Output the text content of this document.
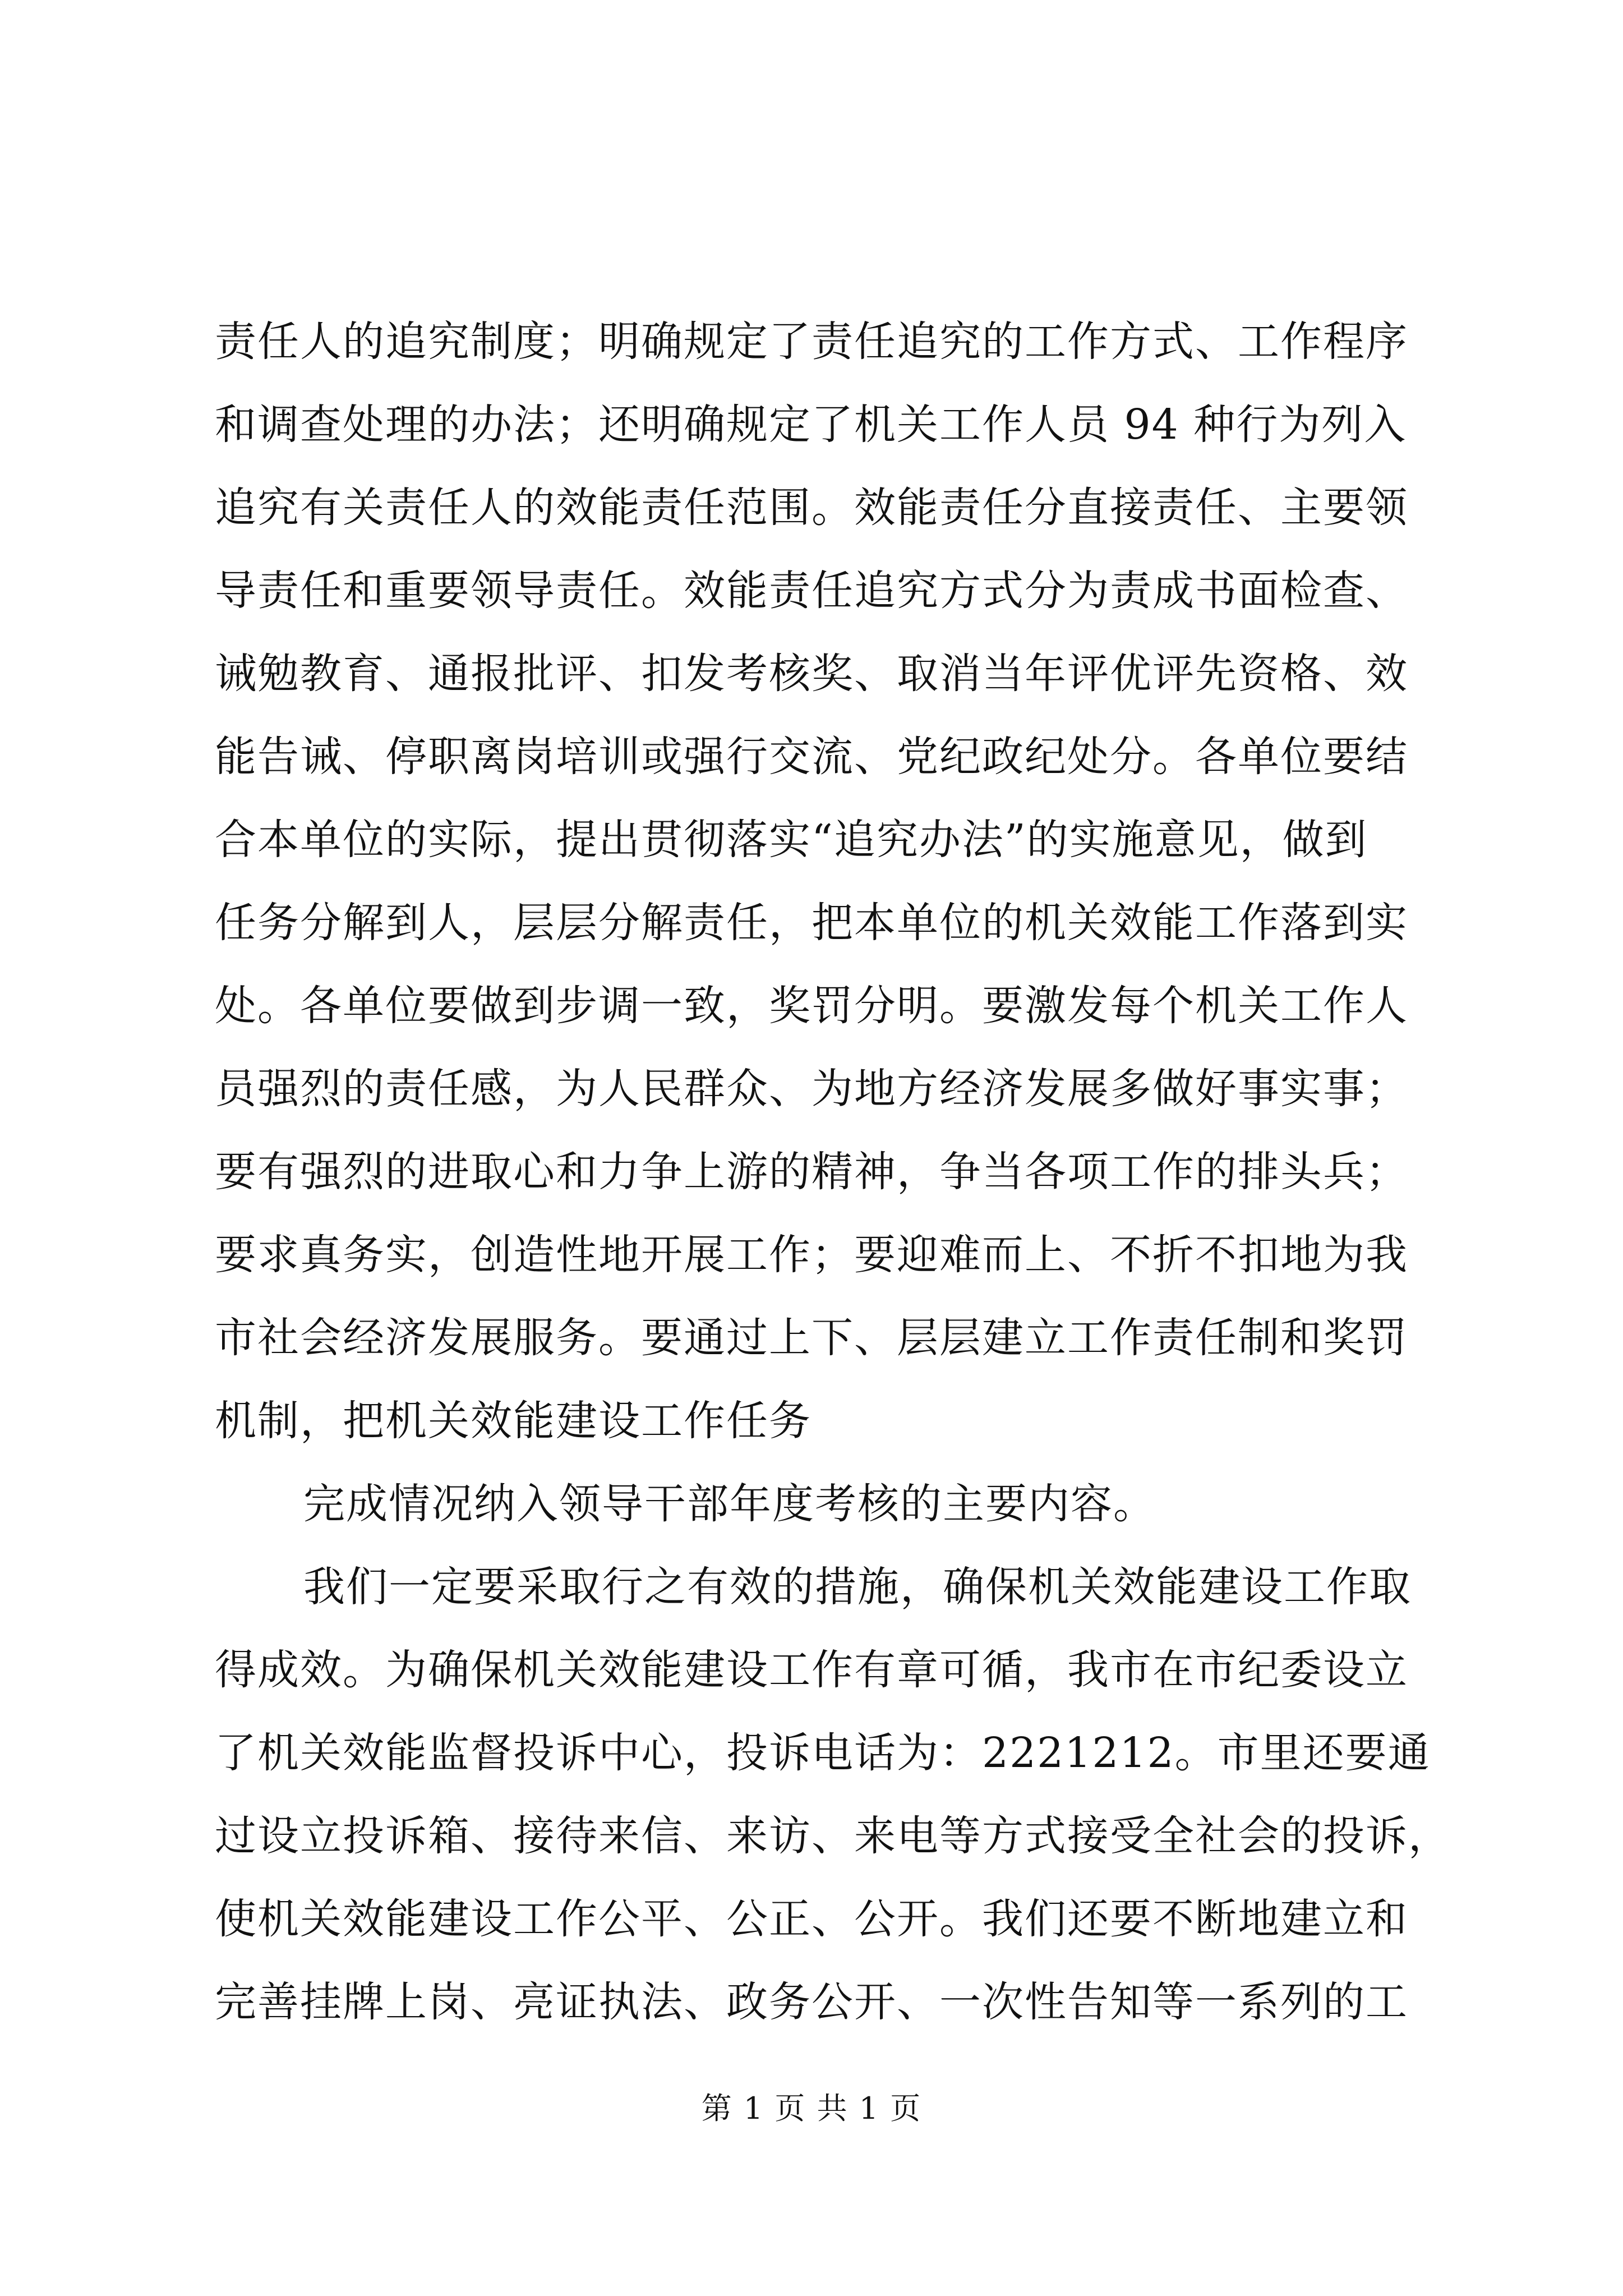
责任人的追究制度；明确规定了责任追究的工作方式、工作程序
和调查处理的办法；还明确规定了机关工作人员 94 种行为列入
追究有关责任人的效能责任范围。效能责任分直接责任、主要领
导责任和重要领导责任。效能责任追究方式分为责成书面检查、
诫勉教育、通报批评、扣发考核奖、取消当年评优评先资格、效
能告诫、停职离岗培训或强行交流、党纪政纪处分。各单位要结
合本单位的实际，提出贯彻落实“追究办法”的实施意见，做到
任务分解到人，层层分解责任，把本单位的机关效能工作落到实
处。各单位要做到步调一致，奖罚分明。要激发每个机关工作人
员强烈的责任感，为人民群众、为地方经济发展多做好事实事；
要有强烈的进取心和力争上游的精神，争当各项工作的排头兵；
要求真务实，创造性地开展工作；要迎难而上、不折不扣地为我
市社会经济发展服务。要通过上下、层层建立工作责任制和奖罚
机制，把机关效能建设工作任务
完成情况纳入领导干部年度考核的主要内容。
我们一定要采取行之有效的措施，确保机关效能建设工作取
得成效。为确保机关效能建设工作有章可循，我市在市纪委设立
了机关效能监督投诉中心，投诉电话为：2221212。市里还要通
过设立投诉箱、接待来信、来访、来电等方式接受全社会的投诉，
使机关效能建设工作公平、公正、公开。我们还要不断地建立和
完善挂牌上岗、亮证执法、政务公开、一次性告知等一系列的工
第 1 页 共 1 页
